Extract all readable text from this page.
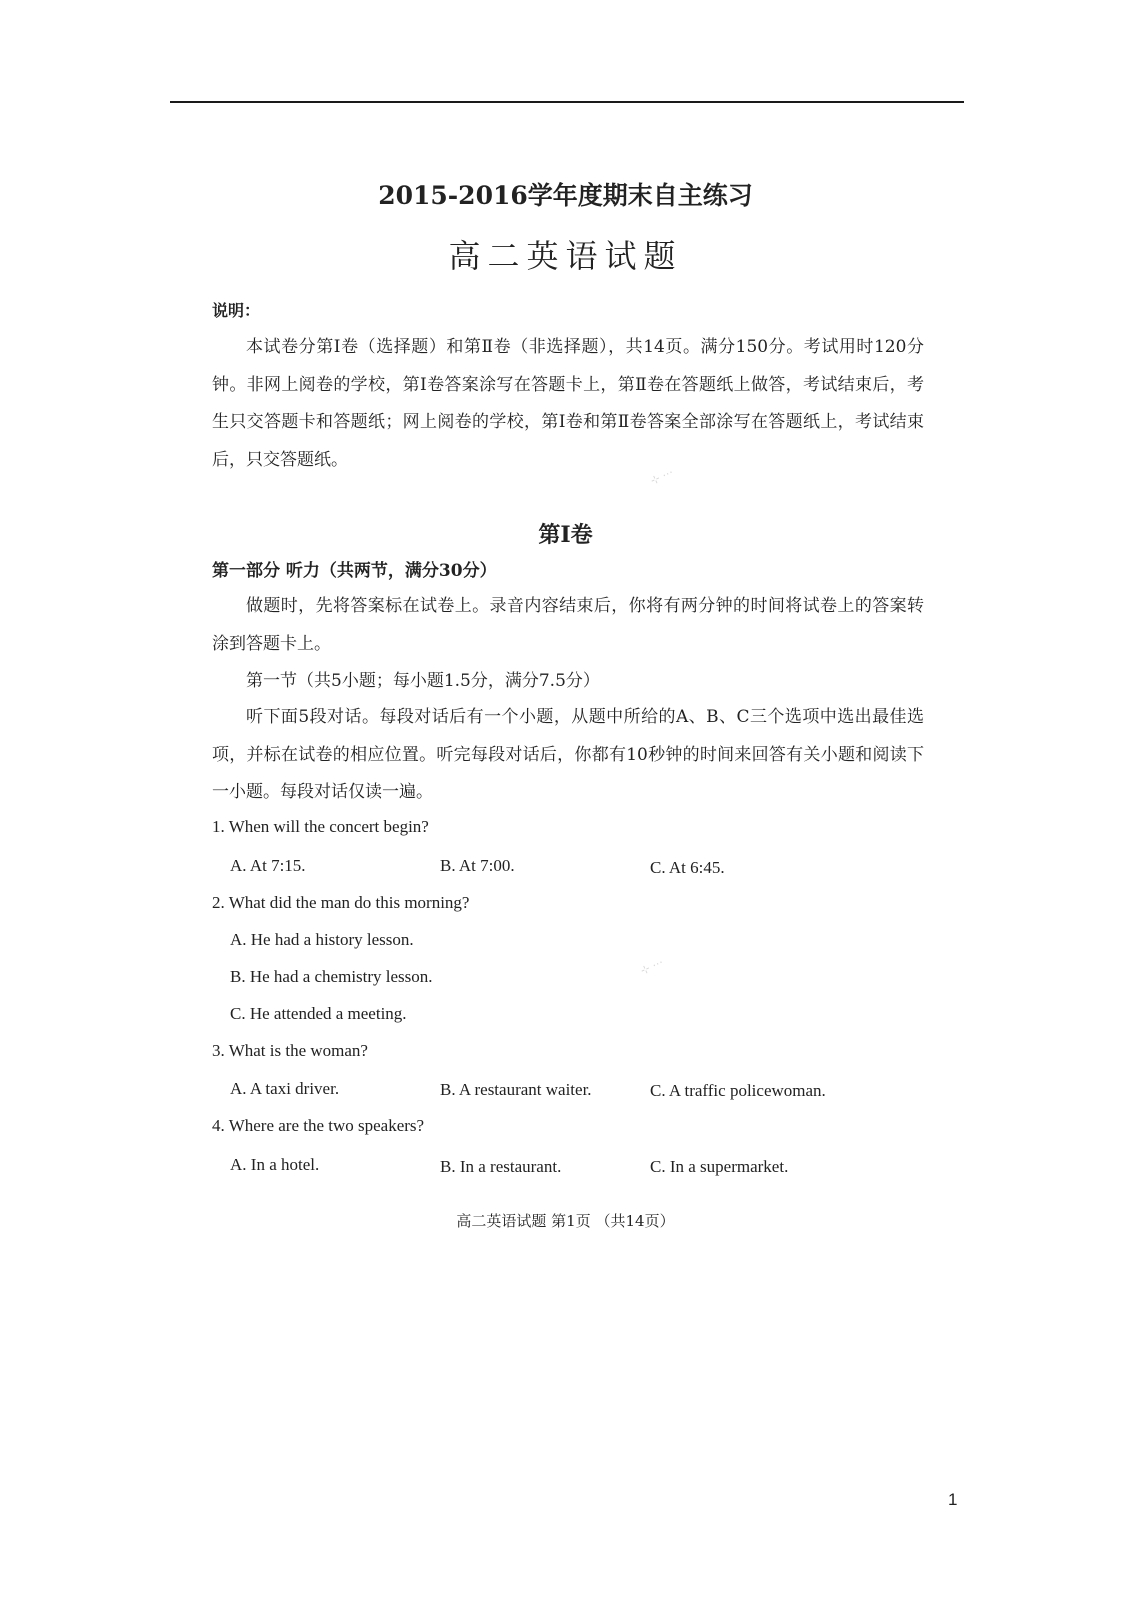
2015-2016学年度期末自主练习
高二英语试题
说明：

本试卷分第Ⅰ卷（选择题）和第Ⅱ卷（非选择题），共14页。满分150分。考试用时120分钟。非网上阅卷的学校，第Ⅰ卷答案涂写在答题卡上，第Ⅱ卷在答题纸上做答，考试结束后，考生只交答题卡和答题纸；网上阅卷的学校，第Ⅰ卷和第Ⅱ卷答案全部涂写在答题纸上，考试结束后，只交答题纸。

第Ⅰ卷
第一部分 听力（共两节，满分30分）

做题时，先将答案标在试卷上。录音内容结束后，你将有两分钟的时间将试卷上的答案转涂到答题卡上。

第一节（共5小题；每小题1.5分，满分7.5分）

听下面5段对话。每段对话后有一个小题，从题中所给的A、B、C三个选项中选出最佳选项，并标在试卷的相应位置。听完每段对话后，你都有10秒钟的时间来回答有关小题和阅读下一小题。每段对话仅读一遍。

1. When will the concert begin?
A. At 7:15.	B. At 7:00.	C. At 6:45.
2. What did the man do this morning?
A. He had a history lesson.
B. He had a chemistry lesson.
C. He attended a meeting.
3. What is the woman?
A. A taxi driver.	B. A restaurant waiter.	C. A traffic policewoman.
4. Where are the two speakers?
A. In a hotel.	B. In a restaurant.	C. In a supermarket.
高二英语试题 第1页 （共14页）
1
⊹ ⋯
⊹ ⋯
